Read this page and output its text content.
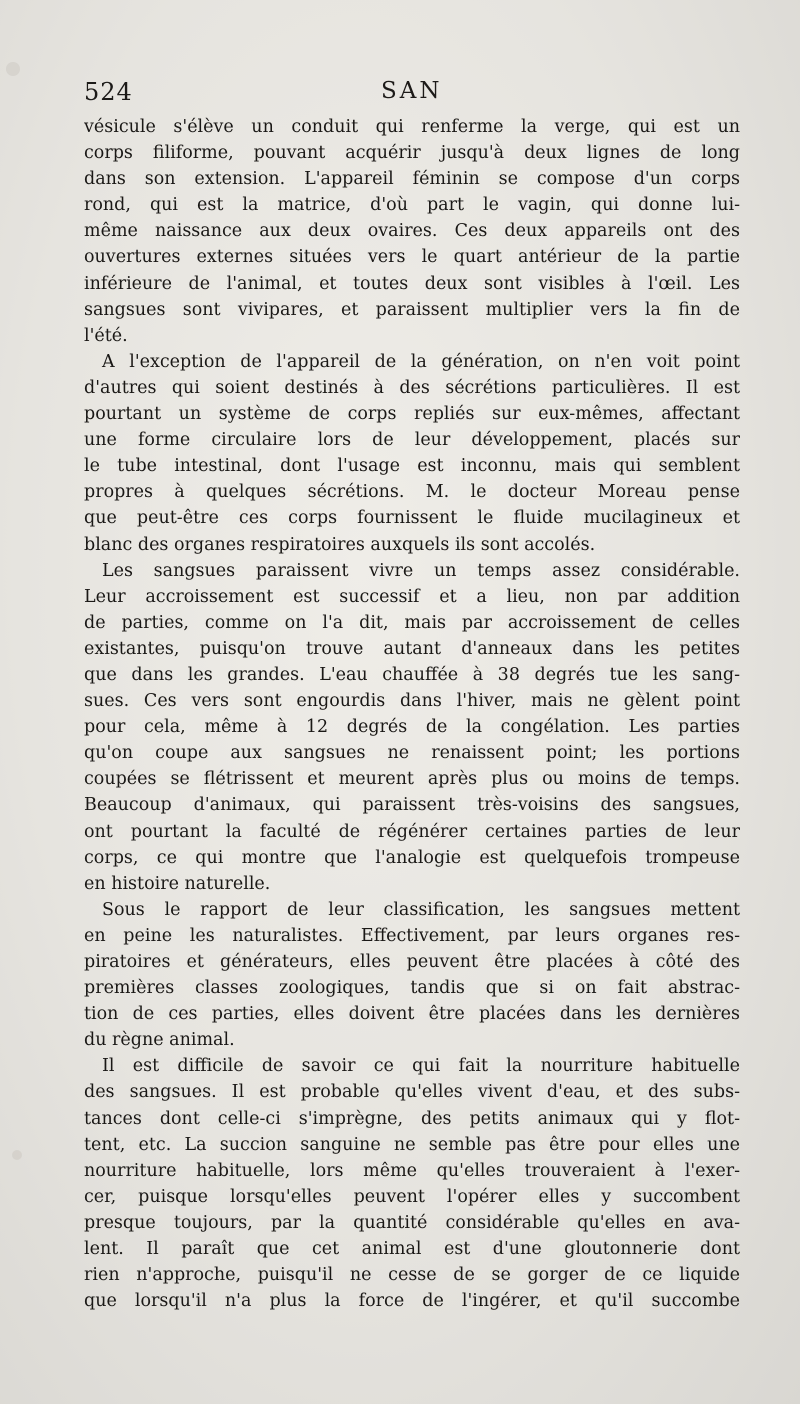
524	SAN
vésicule s'élève un conduit qui renferme la verge, qui est un
corps filiforme, pouvant acquérir jusqu'à deux lignes de long
dans son extension. L'appareil féminin se compose d'un corps
rond, qui est la matrice, d'où part le vagin, qui donne lui-
même naissance aux deux ovaires. Ces deux appareils ont des
ouvertures externes situées vers le quart antérieur de la partie
inférieure de l'animal, et toutes deux sont visibles à l'œil. Les
sangsues sont vivipares, et paraissent multiplier vers la fin de
l'été.
A l'exception de l'appareil de la génération, on n'en voit point
d'autres qui soient destinés à des sécrétions particulières. Il est
pourtant un système de corps repliés sur eux-mêmes, affectant
une forme circulaire lors de leur développement, placés sur
le tube intestinal, dont l'usage est inconnu, mais qui semblent
propres à quelques sécrétions. M. le docteur Moreau pense
que peut-être ces corps fournissent le fluide mucilagineux et
blanc des organes respiratoires auxquels ils sont accolés.
Les sangsues paraissent vivre un temps assez considérable.
Leur accroissement est successif et a lieu, non par addition
de parties, comme on l'a dit, mais par accroissement de celles
existantes, puisqu'on trouve autant d'anneaux dans les petites
que dans les grandes. L'eau chauffée à 38 degrés tue les sang-
sues. Ces vers sont engourdis dans l'hiver, mais ne gèlent point
pour cela, même à 12 degrés de la congélation. Les parties
qu'on coupe aux sangsues ne renaissent point; les portions
coupées se flétrissent et meurent après plus ou moins de temps.
Beaucoup d'animaux, qui paraissent très-voisins des sangsues,
ont pourtant la faculté de régénérer certaines parties de leur
corps, ce qui montre que l'analogie est quelquefois trompeuse
en histoire naturelle.
Sous le rapport de leur classification, les sangsues mettent
en peine les naturalistes. Effectivement, par leurs organes res-
piratoires et générateurs, elles peuvent être placées à côté des
premières classes zoologiques, tandis que si on fait abstrac-
tion de ces parties, elles doivent être placées dans les dernières
du règne animal.
Il est difficile de savoir ce qui fait la nourriture habituelle
des sangsues. Il est probable qu'elles vivent d'eau, et des subs-
tances dont celle-ci s'imprègne, des petits animaux qui y flot-
tent, etc. La succion sanguine ne semble pas être pour elles une
nourriture habituelle, lors même qu'elles trouveraient à l'exer-
cer, puisque lorsqu'elles peuvent l'opérer elles y succombent
presque toujours, par la quantité considérable qu'elles en ava-
lent. Il paraît que cet animal est d'une gloutonnerie dont
rien n'approche, puisqu'il ne cesse de se gorger de ce liquide
que lorsqu'il n'a plus la force de l'ingérer, et qu'il succombe
